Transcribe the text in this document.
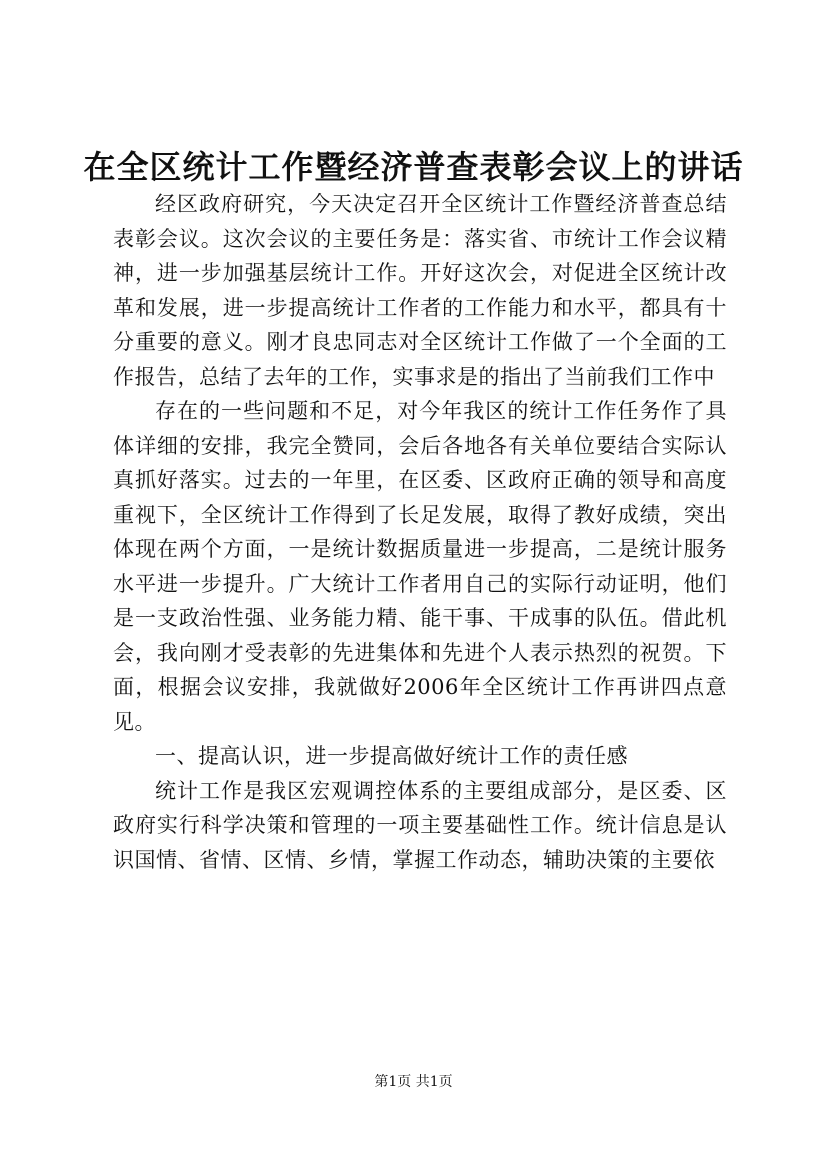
在全区统计工作暨经济普查表彰会议上的讲话

经区政府研究，今天决定召开全区统计工作暨经济普查总结表彰会议。这次会议的主要任务是：落实省、市统计工作会议精神，进一步加强基层统计工作。开好这次会，对促进全区统计改革和发展，进一步提高统计工作者的工作能力和水平，都具有十分重要的意义。刚才良忠同志对全区统计工作做了一个全面的工作报告，总结了去年的工作，实事求是的指出了当前我们工作中

存在的一些问题和不足，对今年我区的统计工作任务作了具体详细的安排，我完全赞同，会后各地各有关单位要结合实际认真抓好落实。过去的一年里，在区委、区政府正确的领导和高度重视下，全区统计工作得到了长足发展，取得了教好成绩，突出体现在两个方面，一是统计数据质量进一步提高，二是统计服务水平进一步提升。广大统计工作者用自己的实际行动证明，他们是一支政治性强、业务能力精、能干事、干成事的队伍。借此机会，我向刚才受表彰的先进集体和先进个人表示热烈的祝贺。下面，根据会议安排，我就做好2006年全区统计工作再讲四点意见。

一、提高认识，进一步提高做好统计工作的责任感

统计工作是我区宏观调控体系的主要组成部分，是区委、区政府实行科学决策和管理的一项主要基础性工作。统计信息是认识国情、省情、区情、乡情，掌握工作动态，辅助决策的主要依

第1页 共1页
